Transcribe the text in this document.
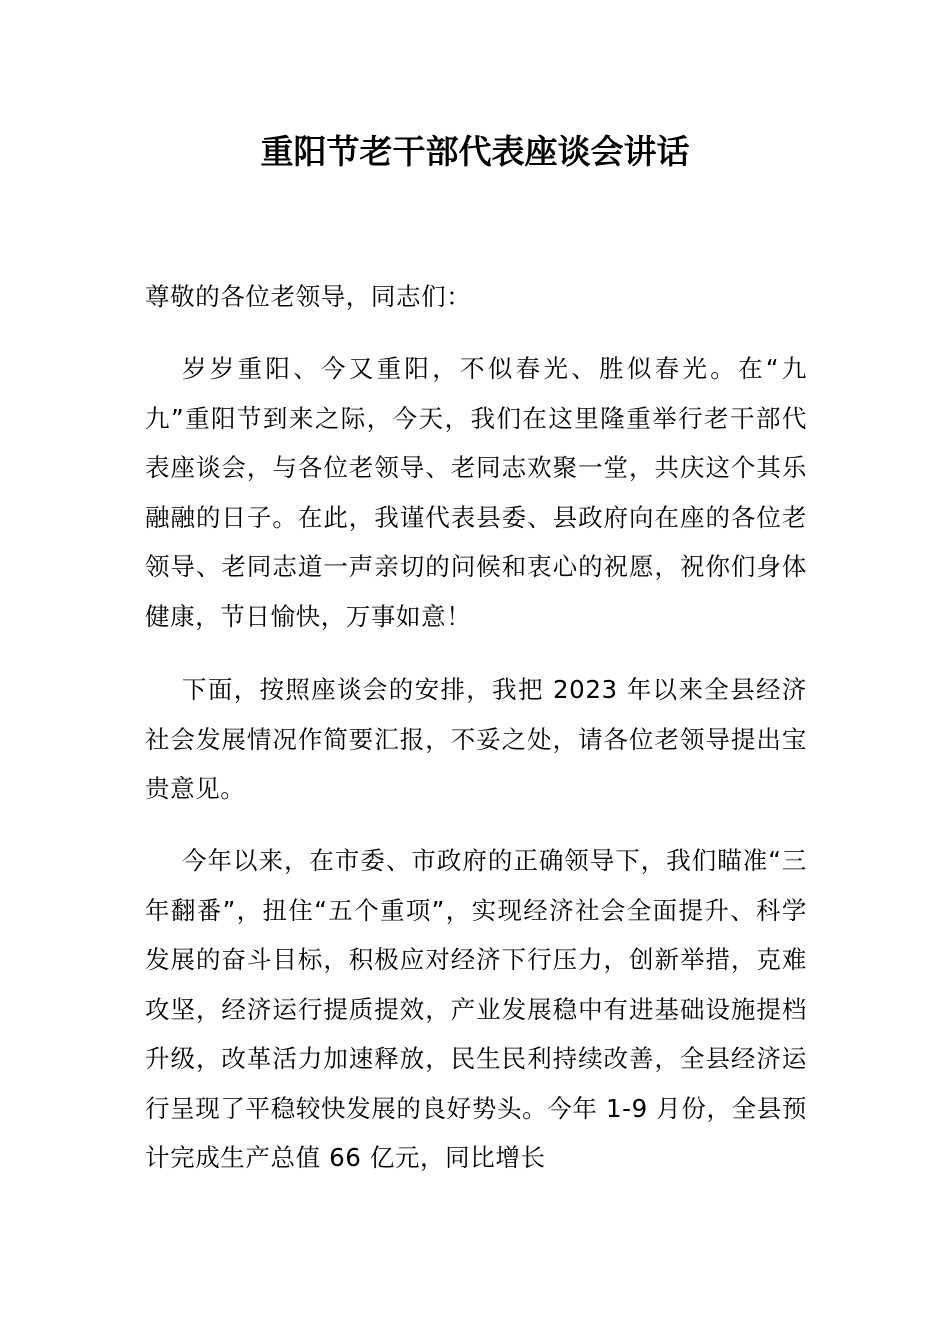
重阳节老干部代表座谈会讲话

尊敬的各位老领导，同志们：

岁岁重阳、今又重阳，不似春光、胜似春光。在“九九”重阳节到来之际，今天，我们在这里隆重举行老干部代表座谈会，与各位老领导、老同志欢聚一堂，共庆这个其乐融融的日子。在此，我谨代表县委、县政府向在座的各位老领导、老同志道一声亲切的问候和衷心的祝愿，祝你们身体健康，节日愉快，万事如意！

下面，按照座谈会的安排，我把 2023 年以来全县经济社会发展情况作简要汇报，不妥之处，请各位老领导提出宝贵意见。

今年以来，在市委、市政府的正确领导下，我们瞄准“三年翻番”，扭住“五个重项”，实现经济社会全面提升、科学发展的奋斗目标，积极应对经济下行压力，创新举措，克难攻坚，经济运行提质提效，产业发展稳中有进基础设施提档升级，改革活力加速释放，民生民利持续改善，全县经济运行呈现了平稳较快发展的良好势头。今年 1-9 月份，全县预计完成生产总值 66 亿元，同比增长
